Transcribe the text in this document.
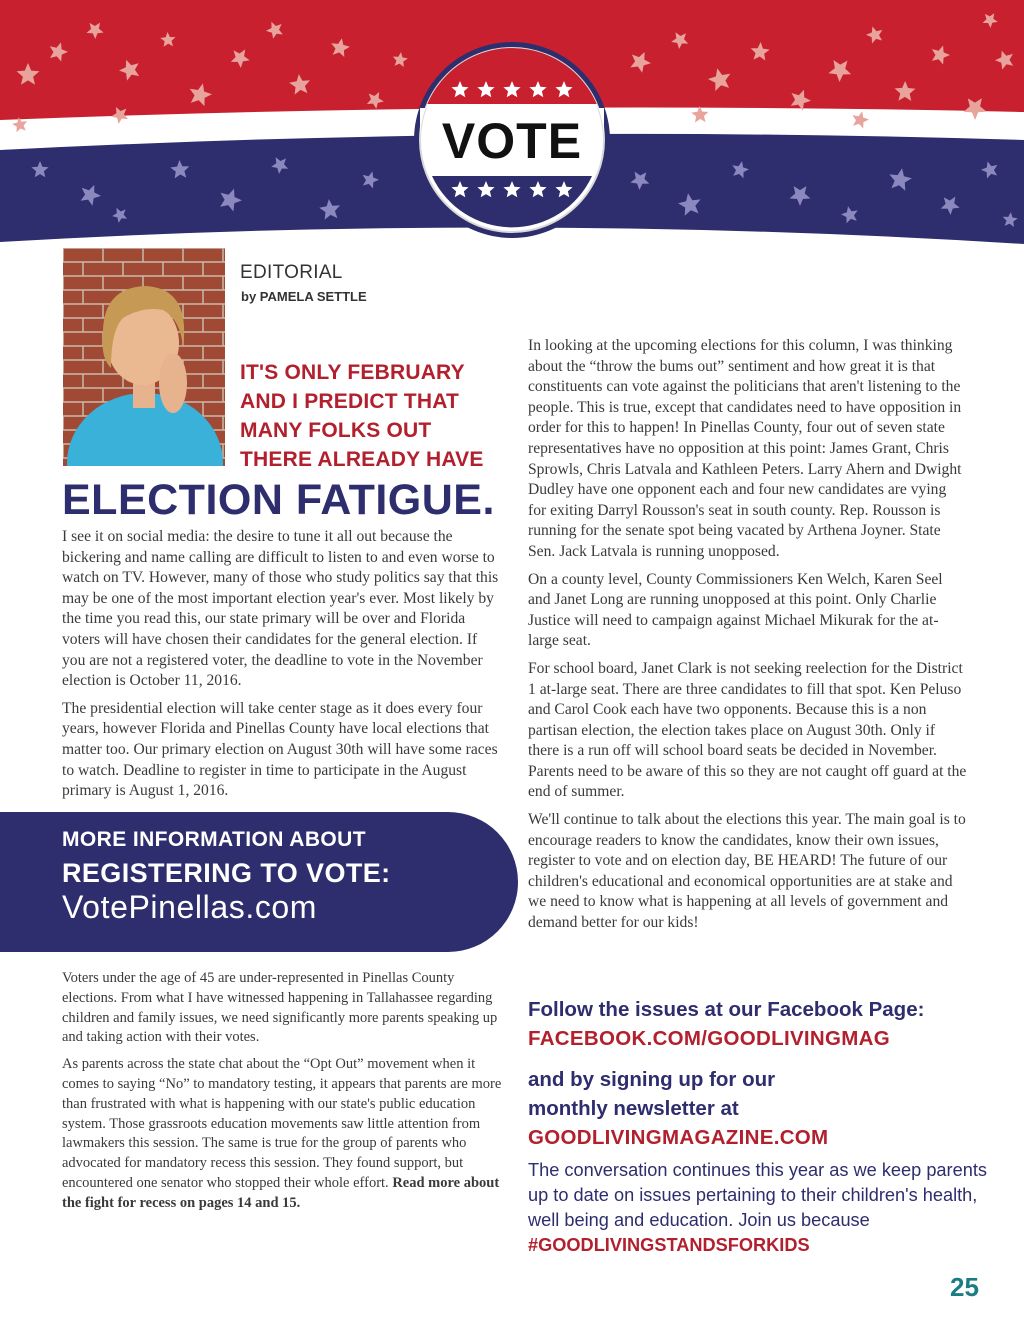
VOTE
EDITORIAL
by PAMELA SETTLE
IT'S ONLY FEBRUARY
AND I PREDICT THAT
MANY FOLKS OUT
THERE ALREADY HAVE
ELECTION FATIGUE.

I see it on social media: the desire to tune it all out because the bickering and name calling are difficult to listen to and even worse to watch on TV. However, many of those who study politics say that this may be one of the most important election year's ever. Most likely by the time you read this, our state primary will be over and Florida voters will have chosen their candidates for the general election. If you are not a registered voter, the deadline to vote in the November election is October 11, 2016.

The presidential election will take center stage as it does every four years, however Florida and Pinellas County have local elections that matter too. Our primary election on August 30th will have some races to watch. Deadline to register in time to participate in the August primary is August 1, 2016.

MORE INFORMATION ABOUT
REGISTERING TO VOTE:
VotePinellas.com

Voters under the age of 45 are under-represented in Pinellas County elections. From what I have witnessed happening in Tallahassee regarding children and family issues, we need significantly more parents speaking up and taking action with their votes.

As parents across the state chat about the “Opt Out” movement when it comes to saying “No” to mandatory testing, it appears that parents are more than frustrated with what is happening with our state's public education system. Those grassroots education movements saw little attention from lawmakers this session. The same is true for the group of parents who advocated for mandatory recess this session. They found support, but encountered one senator who stopped their whole effort. Read more about the fight for recess on pages 14 and 15.

In looking at the upcoming elections for this column, I was thinking about the “throw the bums out” sentiment and how great it is that constituents can vote against the politicians that aren't listening to the people. This is true, except that candidates need to have opposition in order for this to happen! In Pinellas County, four out of seven state representatives have no opposition at this point: James Grant, Chris Sprowls, Chris Latvala and Kathleen Peters. Larry Ahern and Dwight Dudley have one opponent each and four new candidates are vying for exiting Darryl Rousson's seat in south county. Rep. Rousson is running for the senate spot being vacated by Arthena Joyner. State Sen. Jack Latvala is running unopposed.

On a county level, County Commissioners Ken Welch, Karen Seel and Janet Long are running unopposed at this point. Only Charlie Justice will need to campaign against Michael Mikurak for the at-large seat.

For school board, Janet Clark is not seeking reelection for the District 1 at-large seat. There are three candidates to fill that spot. Ken Peluso and Carol Cook each have two opponents. Because this is a non partisan election, the election takes place on August 30th. Only if there is a run off will school board seats be decided in November. Parents need to be aware of this so they are not caught off guard at the end of summer.

We'll continue to talk about the elections this year. The main goal is to encourage readers to know the candidates, know their own issues, register to vote and on election day, BE HEARD! The future of our children's educational and economical opportunities are at stake and we need to know what is happening at all levels of government and demand better for our kids!

Follow the issues at our Facebook Page:
FACEBOOK.COM/GOODLIVINGMAG
and by signing up for our
monthly newsletter at
GOODLIVINGMAGAZINE.COM
The conversation continues this year as we keep parents up to date on issues pertaining to their children's health, well being and education. Join us because #GOODLIVINGSTANDSFORKIDS
25
